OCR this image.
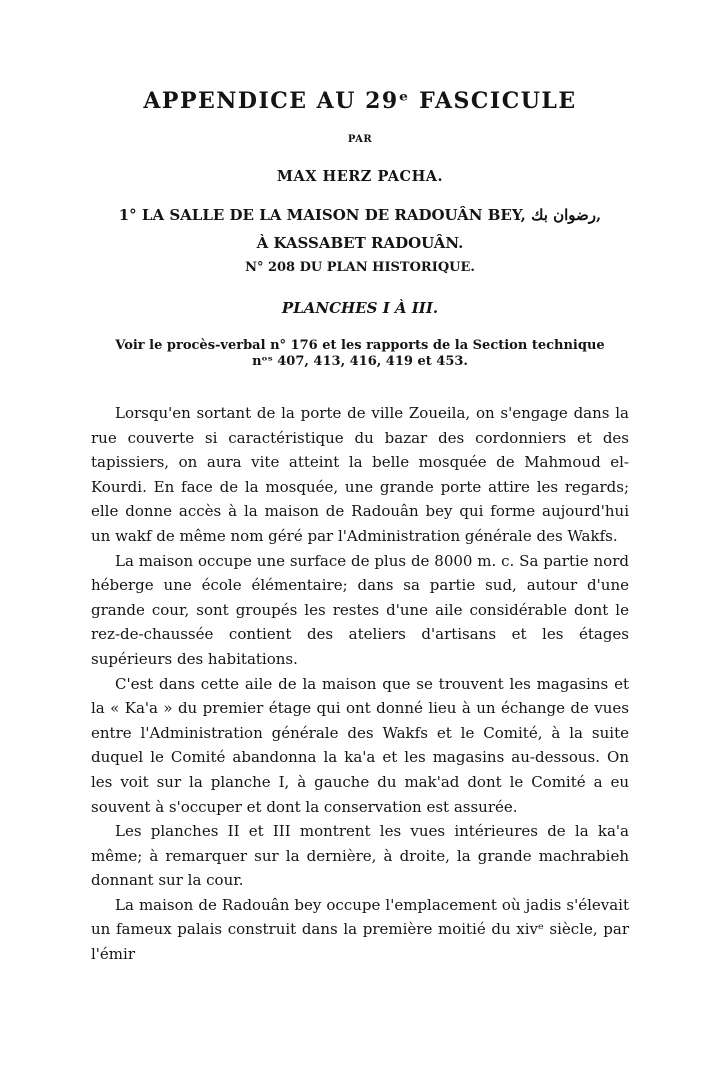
APPENDICE AU 29ᵉ FASCICULE
PAR
MAX HERZ PACHA.
1° LA SALLE DE LA MAISON DE RADOUÂN BEY, رضوان بك,
À KASSABET RADOUÂN.
N° 208 DU PLAN HISTORIQUE.
PLANCHES I À III.
Voir le procès-verbal n° 176 et les rapports de la Section technique
nᵒˢ 407, 413, 416, 419 et 453.

Lorsqu'en sortant de la porte de ville Zoueila, on s'engage dans la rue couverte si caractéristique du bazar des cordonniers et des tapissiers, on aura vite atteint la belle mosquée de Mahmoud el-Kourdi. En face de la mosquée, une grande porte attire les regards; elle donne accès à la maison de Radouân bey qui forme aujourd'hui un wakf de même nom géré par l'Administration générale des Wakfs.

La maison occupe une surface de plus de 8000 m. c. Sa partie nord héberge une école élémentaire; dans sa partie sud, autour d'une grande cour, sont groupés les restes d'une aile considérable dont le rez-de-chaussée contient des ateliers d'artisans et les étages supérieurs des habitations.

C'est dans cette aile de la maison que se trouvent les magasins et la « Ka'a » du premier étage qui ont donné lieu à un échange de vues entre l'Administration générale des Wakfs et le Comité, à la suite duquel le Comité abandonna la ka'a et les magasins au-dessous. On les voit sur la planche I, à gauche du mak'ad dont le Comité a eu souvent à s'occuper et dont la conservation est assurée.

Les planches II et III montrent les vues intérieures de la ka'a même; à remarquer sur la dernière, à droite, la grande machrabieh donnant sur la cour.

La maison de Radouân bey occupe l'emplacement où jadis s'élevait un fameux palais construit dans la première moitié du xivᵉ siècle, par l'émir
